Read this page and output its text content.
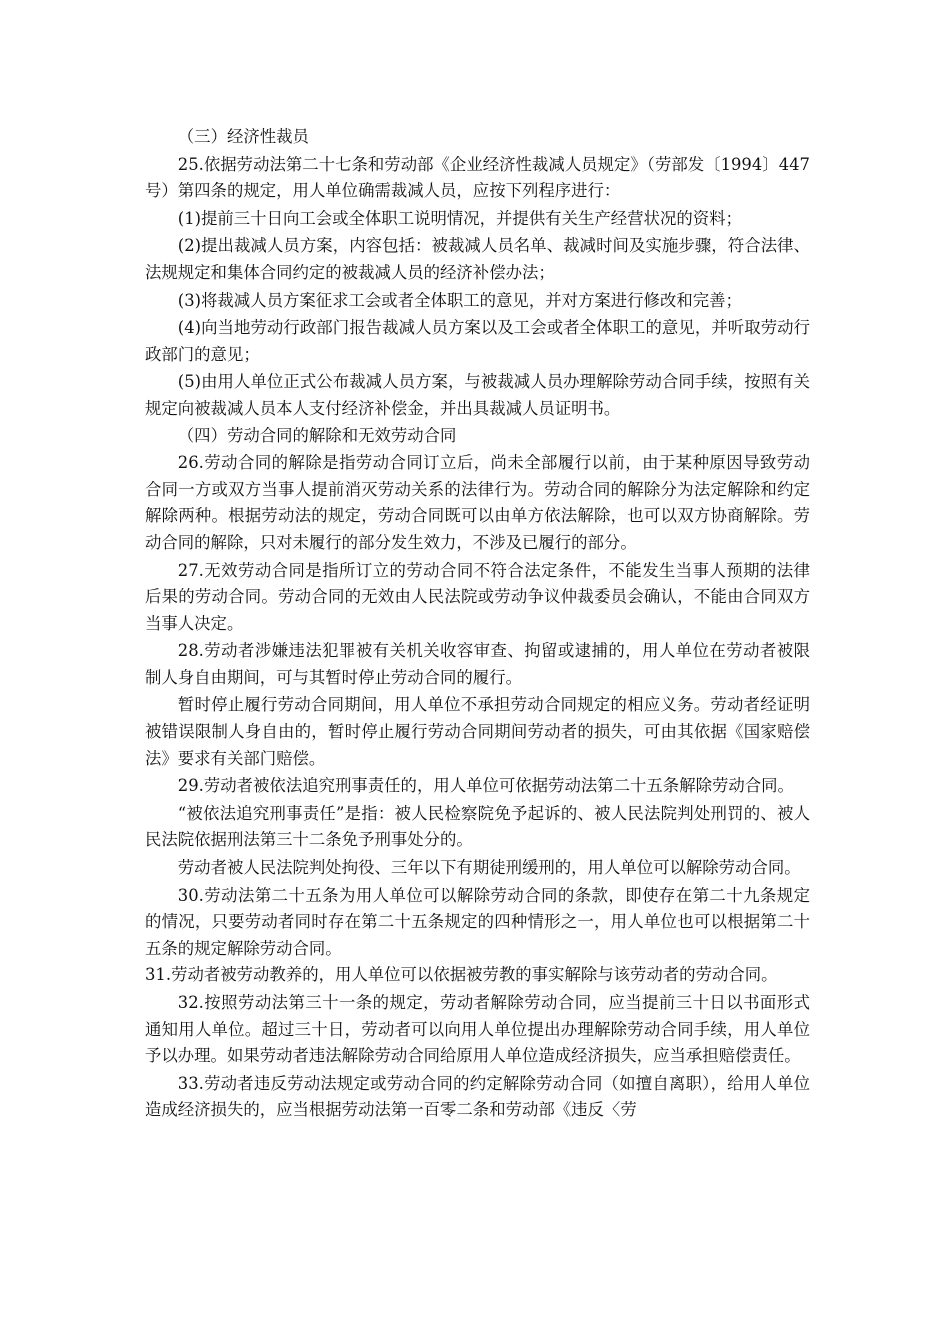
（三）经济性裁员

25.依据劳动法第二十七条和劳动部《企业经济性裁减人员规定》（劳部发〔1994〕447号）第四条的规定，用人单位确需裁减人员，应按下列程序进行：

(1)提前三十日向工会或全体职工说明情况，并提供有关生产经营状况的资料；

(2)提出裁减人员方案，内容包括：被裁减人员名单、裁减时间及实施步骤，符合法律、法规规定和集体合同约定的被裁减人员的经济补偿办法；

(3)将裁减人员方案征求工会或者全体职工的意见，并对方案进行修改和完善；

(4)向当地劳动行政部门报告裁减人员方案以及工会或者全体职工的意见，并听取劳动行政部门的意见；

(5)由用人单位正式公布裁减人员方案，与被裁减人员办理解除劳动合同手续，按照有关规定向被裁减人员本人支付经济补偿金，并出具裁减人员证明书。

（四）劳动合同的解除和无效劳动合同

26.劳动合同的解除是指劳动合同订立后，尚未全部履行以前，由于某种原因导致劳动合同一方或双方当事人提前消灭劳动关系的法律行为。劳动合同的解除分为法定解除和约定解除两种。根据劳动法的规定，劳动合同既可以由单方依法解除，也可以双方协商解除。劳动合同的解除，只对未履行的部分发生效力，不涉及已履行的部分。

27.无效劳动合同是指所订立的劳动合同不符合法定条件，不能发生当事人预期的法律后果的劳动合同。劳动合同的无效由人民法院或劳动争议仲裁委员会确认，不能由合同双方当事人决定。

28.劳动者涉嫌违法犯罪被有关机关收容审查、拘留或逮捕的，用人单位在劳动者被限制人身自由期间，可与其暂时停止劳动合同的履行。

暂时停止履行劳动合同期间，用人单位不承担劳动合同规定的相应义务。劳动者经证明被错误限制人身自由的，暂时停止履行劳动合同期间劳动者的损失，可由其依据《国家赔偿法》要求有关部门赔偿。

29.劳动者被依法追究刑事责任的，用人单位可依据劳动法第二十五条解除劳动合同。

“被依法追究刑事责任”是指：被人民检察院免予起诉的、被人民法院判处刑罚的、被人民法院依据刑法第三十二条免予刑事处分的。

劳动者被人民法院判处拘役、三年以下有期徒刑缓刑的，用人单位可以解除劳动合同。

30.劳动法第二十五条为用人单位可以解除劳动合同的条款，即使存在第二十九条规定的情况，只要劳动者同时存在第二十五条规定的四种情形之一，用人单位也可以根据第二十五条的规定解除劳动合同。

31.劳动者被劳动教养的，用人单位可以依据被劳教的事实解除与该劳动者的劳动合同。

32.按照劳动法第三十一条的规定，劳动者解除劳动合同，应当提前三十日以书面形式通知用人单位。超过三十日，劳动者可以向用人单位提出办理解除劳动合同手续，用人单位予以办理。如果劳动者违法解除劳动合同给原用人单位造成经济损失，应当承担赔偿责任。

33.劳动者违反劳动法规定或劳动合同的约定解除劳动合同（如擅自离职），给用人单位造成经济损失的，应当根据劳动法第一百零二条和劳动部《违反〈劳
